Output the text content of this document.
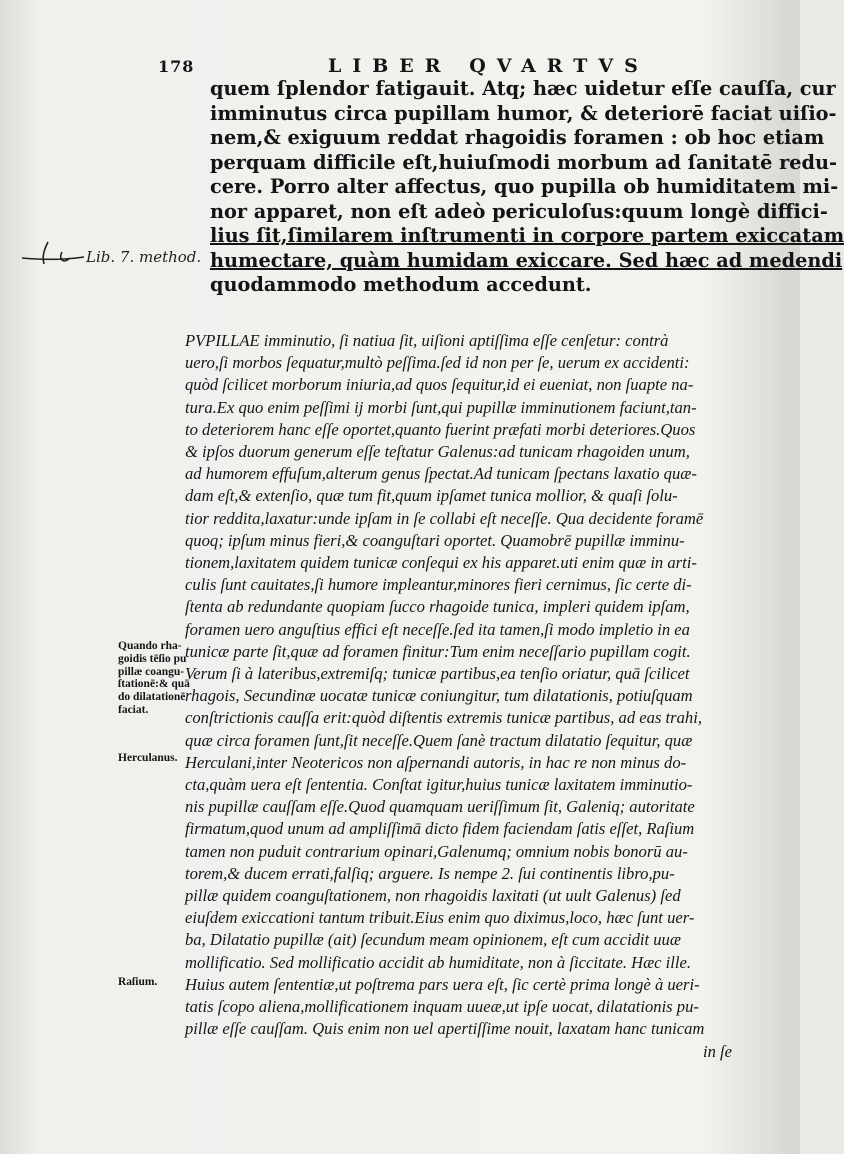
178	LIBER QVARTVS
Lib. 7. method.
quem ſplendor fatigauit. Atq; hæc uidetur eſſe cauſſa, cur
imminutus circa pupillam humor, & deteriorē faciat uiſio-
nem,& exiguum reddat rhagoidis foramen : ob hoc etiam
perquam difficile eſt,huiuſmodi morbum ad ſanitatē redu-
cere. Porro alter affectus, quo pupilla ob humiditatem mi-
nor apparet, non eſt adeò periculoſus:quum longè diffici-
lius ſit,ſimilarem inſtrumenti in corpore partem exiccatam
humectare, quàm humidam exiccare. Sed hæc ad medendi
quodammodo methodum accedunt.
PVPILLAE imminutio, ſi natiua ſit, uiſioni aptiſſima eſſe cenſetur: contrà
uero,ſi morbos ſequatur,multò peſſima.ſed id non per ſe, uerum ex accidenti:
quòd ſcilicet morborum iniuria,ad quos ſequitur,id ei eueniat, non ſuapte na-
tura.Ex quo enim peſſimi ij morbi ſunt,qui pupillæ imminutionem faciunt,tan-
to deteriorem hanc eſſe oportet,quanto fuerint præfati morbi deteriores.Quos
& ipſos duorum generum eſſe teſtatur Galenus:ad tunicam rhagoiden unum,
ad humorem effuſum,alterum genus ſpectat.Ad tunicam ſpectans laxatio quæ-
dam eſt,& extenſio, quæ tum fit,quum ipſamet tunica mollior, & quaſi ſolu-
tior reddita,laxatur:unde ipſam in ſe collabi eſt neceſſe. Qua decidente foramē
quoq; ipſum minus fieri,& coanguſtari oportet. Quamobrē pupillæ imminu-
tionem,laxitatem quidem tunicæ conſequi ex his apparet.uti enim quæ in arti-
culis ſunt cauitates,ſi humore impleantur,minores fieri cernimus, ſic certe di-
ſtenta ab redundante quopiam ſucco rhagoide tunica, impleri quidem ipſam,
foramen uero anguſtius effici eſt neceſſe.ſed ita tamen,ſi modo impletio in ea
tunicæ parte ſit,quæ ad foramen finitur:Tum enim neceſſario pupillam cogit.
Verum ſi à lateribus,extremiſq; tunicæ partibus,ea tenſio oriatur, quā ſcilicet
rhagois, Secundinæ uocatæ tunicæ coniungitur, tum dilatationis, potiuſquam
conſtrictionis cauſſa erit:quòd diſtentis extremis tunicæ partibus, ad eas trahi,
quæ circa foramen ſunt,ſit neceſſe.Quem ſanè tractum dilatatio ſequitur, quæ
Herculani,inter Neotericos non aſpernandi autoris, in hac re non minus do-
cta,quàm uera eſt ſententia. Conſtat igitur,huius tunicæ laxitatem imminutio-
nis pupillæ cauſſam eſſe.Quod quamquam ueriſſimum ſit, Galeniq; autoritate
firmatum,quod unum ad ampliſſimā dicto fidem faciendam ſatis eſſet, Raſium
tamen non puduit contrarium opinari,Galenumq; omnium nobis bonorū au-
torem,& ducem errati,falſiq; arguere. Is nempe 2. ſui continentis libro,pu-
pillæ quidem coanguſtationem, non rhagoidis laxitati (ut uult Galenus) ſed
eiuſdem exiccationi tantum tribuit.Eius enim quo diximus,loco, hæc ſunt uer-
ba, Dilatatio pupillæ (ait) ſecundum meam opinionem, eſt cum accidit uuæ
mollificatio. Sed mollificatio accidit ab humiditate, non à ſiccitate. Hæc ille.
Huius autem ſententiæ,ut poſtrema pars uera eſt, ſic certè prima longè à ueri-
tatis ſcopo aliena,mollificationem inquam uueæ,ut ipſe uocat, dilatationis pu-
pillæ eſſe cauſſam. Quis enim non uel apertiſſime nouit, laxatam hanc tunicam
in ſe
Quando rha-
goidis tēſio pu
pillæ coangu-
ſtationē:& quā
do dilatationē
faciat.
Herculanus.
Raſium.
